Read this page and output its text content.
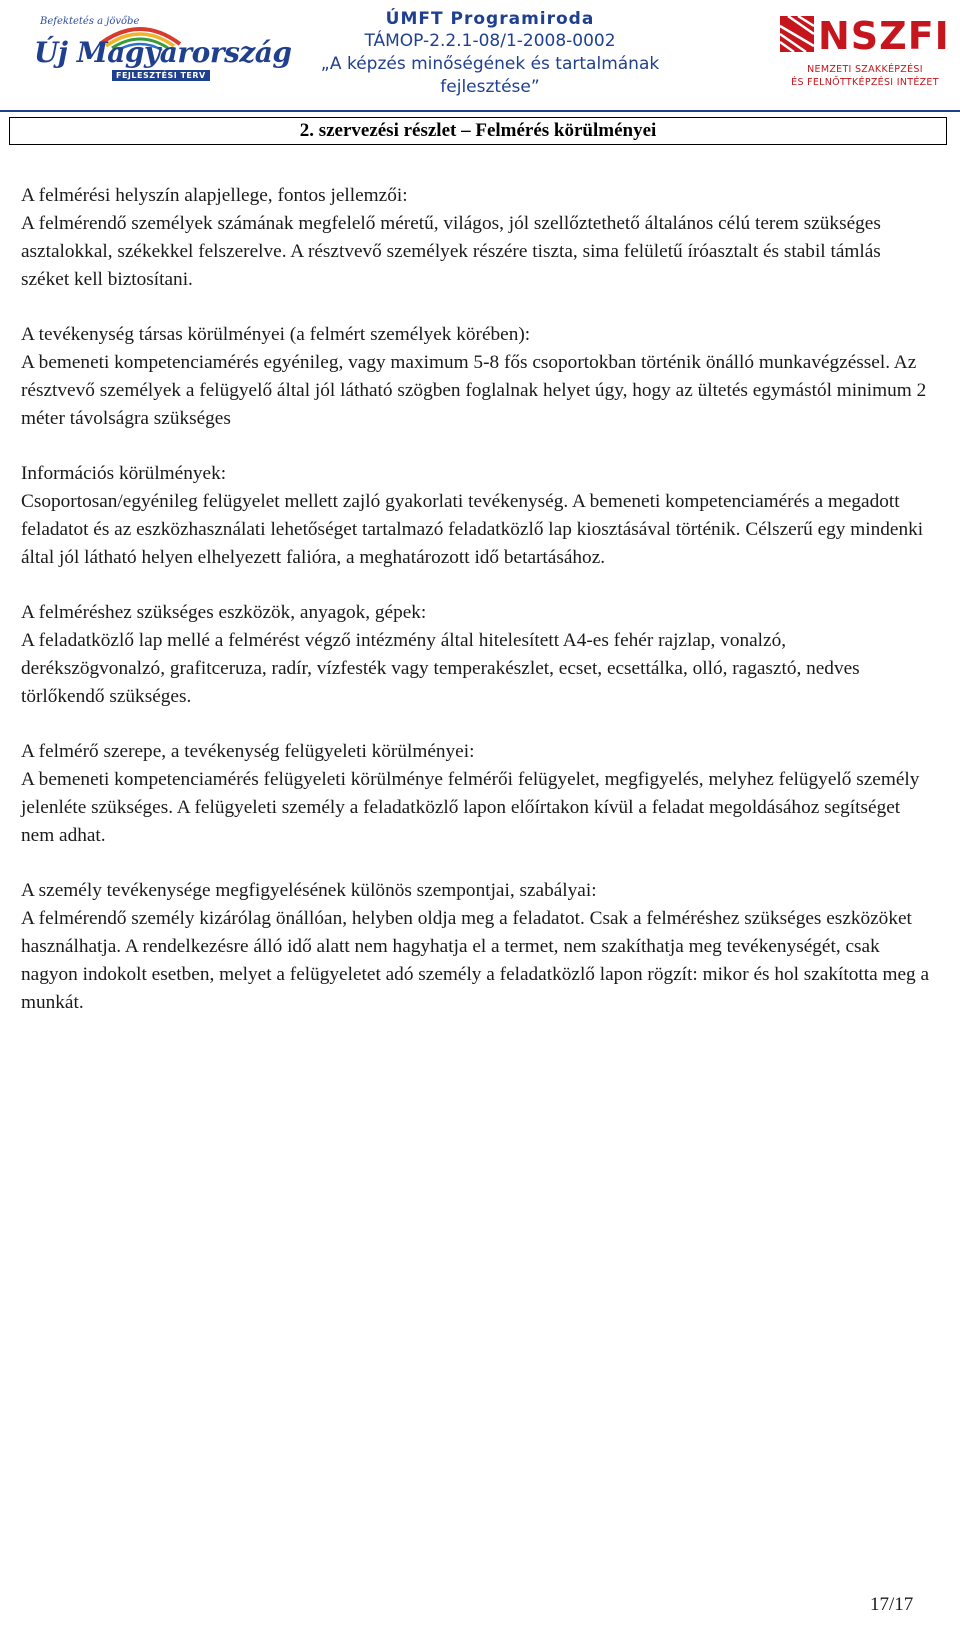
Befektetés a jövőbe
Új Magyarország
FEJLESZTÉSI TERV
ÚMFT Programiroda
TÁMOP-2.2.1-08/1-2008-0002
„A képzés minőségének és tartalmának
fejlesztése”
NSZFI
NEMZETI SZAKKÉPZÉSI
ÉS FELNŐTTKÉPZÉSI INTÉZET
2. szervezési részlet – Felmérés körülményei

A felmérési helyszín alapjellege, fontos jellemzői:
A felmérendő személyek számának megfelelő méretű, világos, jól szellőztethető általános célú terem szükséges asztalokkal, székekkel felszerelve. A résztvevő személyek részére tiszta, sima felületű íróasztalt és stabil támlás széket kell biztosítani.

A tevékenység társas körülményei (a felmért személyek körében):
A bemeneti kompetenciamérés egyénileg, vagy maximum 5-8 fős csoportokban történik önálló munkavégzéssel. Az résztvevő személyek a felügyelő által jól látható szögben foglalnak helyet úgy, hogy az ültetés egymástól minimum 2 méter távolságra szükséges

Információs körülmények:
Csoportosan/egyénileg felügyelet mellett zajló gyakorlati tevékenység. A bemeneti kompetenciamérés a megadott feladatot és az eszközhasználati lehetőséget tartalmazó feladatközlő lap kiosztásával történik. Célszerű egy mindenki által jól látható helyen elhelyezett falióra, a meghatározott idő betartásához.

A felméréshez szükséges eszközök, anyagok, gépek:
A feladatközlő lap mellé a felmérést végző intézmény által hitelesített A4-es fehér rajzlap, vonalzó, derékszögvonalzó, grafitceruza, radír, vízfesték vagy temperakészlet, ecset, ecsettálka, olló, ragasztó, nedves törlőkendő szükséges.

A felmérő szerepe, a tevékenység felügyeleti körülményei:
A bemeneti kompetenciamérés felügyeleti körülménye felmérői felügyelet, megfigyelés, melyhez felügyelő személy jelenléte szükséges. A felügyeleti személy a feladatközlő lapon előírtakon kívül a feladat megoldásához segítséget nem adhat.

A személy tevékenysége megfigyelésének különös szempontjai, szabályai:
A felmérendő személy kizárólag önállóan, helyben oldja meg a feladatot. Csak a felméréshez szükséges eszközöket használhatja. A rendelkezésre álló idő alatt nem hagyhatja el a termet, nem szakíthatja meg tevékenységét, csak nagyon indokolt esetben, melyet a felügyeletet adó személy a feladatközlő lapon rögzít: mikor és hol szakította meg a munkát.

17/17
